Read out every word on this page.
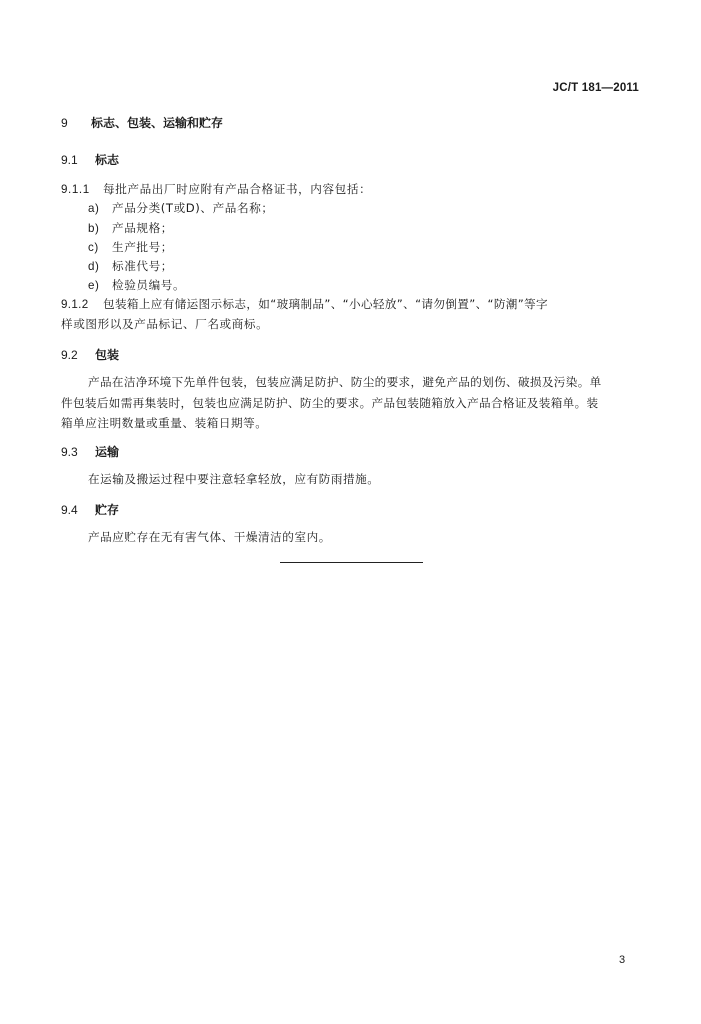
JC/T 181—2011
9 标志、包装、运输和贮存
9.1 标志
9.1.1 每批产品出厂时应附有产品合格证书，内容包括：
a) 产品分类(T或D)、产品名称；
b) 产品规格；
c) 生产批号；
d) 标准代号；
e) 检验员编号。
9.1.2 包装箱上应有储运图示标志，如“玻璃制品”、“小心轻放”、“请勿倒置”、“防潮”等字
样或图形以及产品标记、厂名或商标。
9.2 包装
产品在洁净环境下先单件包装，包装应满足防护、防尘的要求，避免产品的划伤、破损及污染。单
件包装后如需再集装时，包装也应满足防护、防尘的要求。产品包装随箱放入产品合格证及装箱单。装
箱单应注明数量或重量、装箱日期等。
9.3 运输
在运输及搬运过程中要注意轻拿轻放，应有防雨措施。
9.4 贮存
产品应贮存在无有害气体、干燥清洁的室内。
3
